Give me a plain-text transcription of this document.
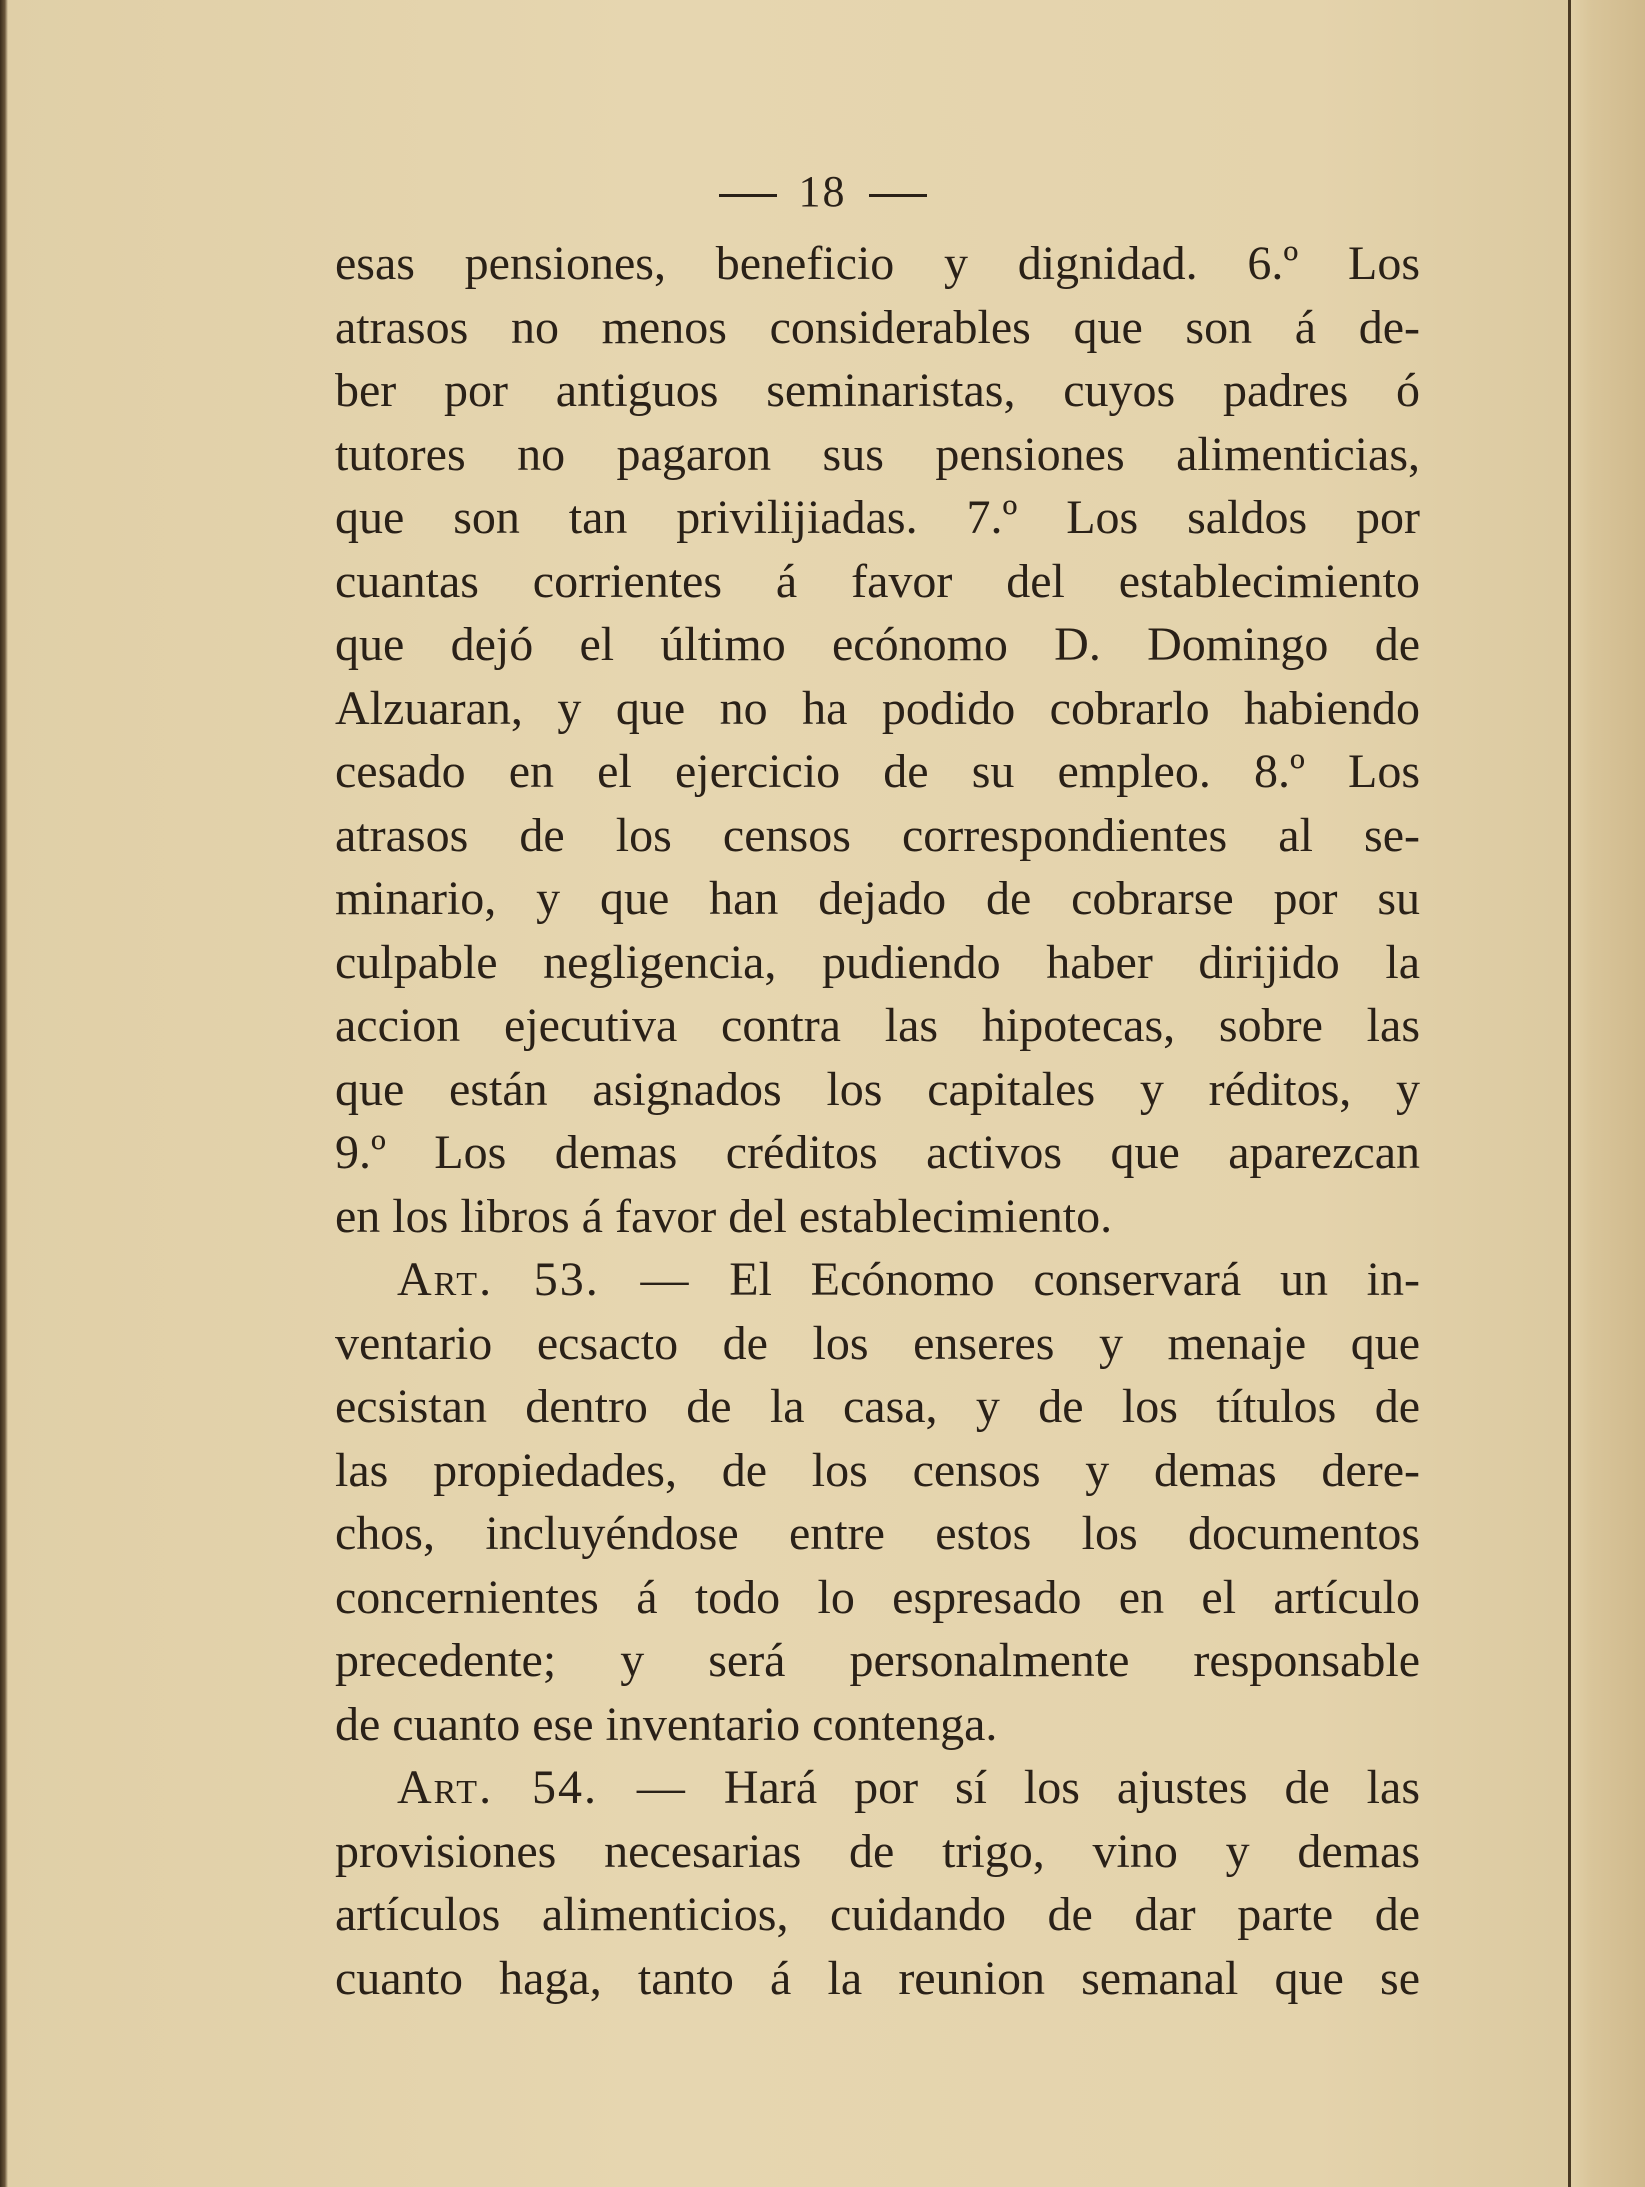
18
esas pensiones, beneficio y dignidad. 6.º Los
atrasos no menos considerables que son á de-
ber por antiguos seminaristas, cuyos padres ó
tutores no pagaron sus pensiones alimenticias,
que son tan privilijiadas. 7.º Los saldos por
cuantas corrientes á favor del establecimiento
que dejó el último ecónomo D. Domingo de
Alzuaran, y que no ha podido cobrarlo habiendo
cesado en el ejercicio de su empleo. 8.º Los
atrasos de los censos correspondientes al se-
minario, y que han dejado de cobrarse por su
culpable negligencia, pudiendo haber dirijido la
accion ejecutiva contra las hipotecas, sobre las
que están asignados los capitales y réditos, y
9.º Los demas créditos activos que aparezcan
en los libros á favor del establecimiento.
Art. 53. — El Ecónomo conservará un in-
ventario ecsacto de los enseres y menaje que
ecsistan dentro de la casa, y de los títulos de
las propiedades, de los censos y demas dere-
chos, incluyéndose entre estos los documentos
concernientes á todo lo espresado en el artículo
precedente; y será personalmente responsable
de cuanto ese inventario contenga.
Art. 54. — Hará por sí los ajustes de las
provisiones necesarias de trigo, vino y demas
artículos alimenticios, cuidando de dar parte de
cuanto haga, tanto á la reunion semanal que se
